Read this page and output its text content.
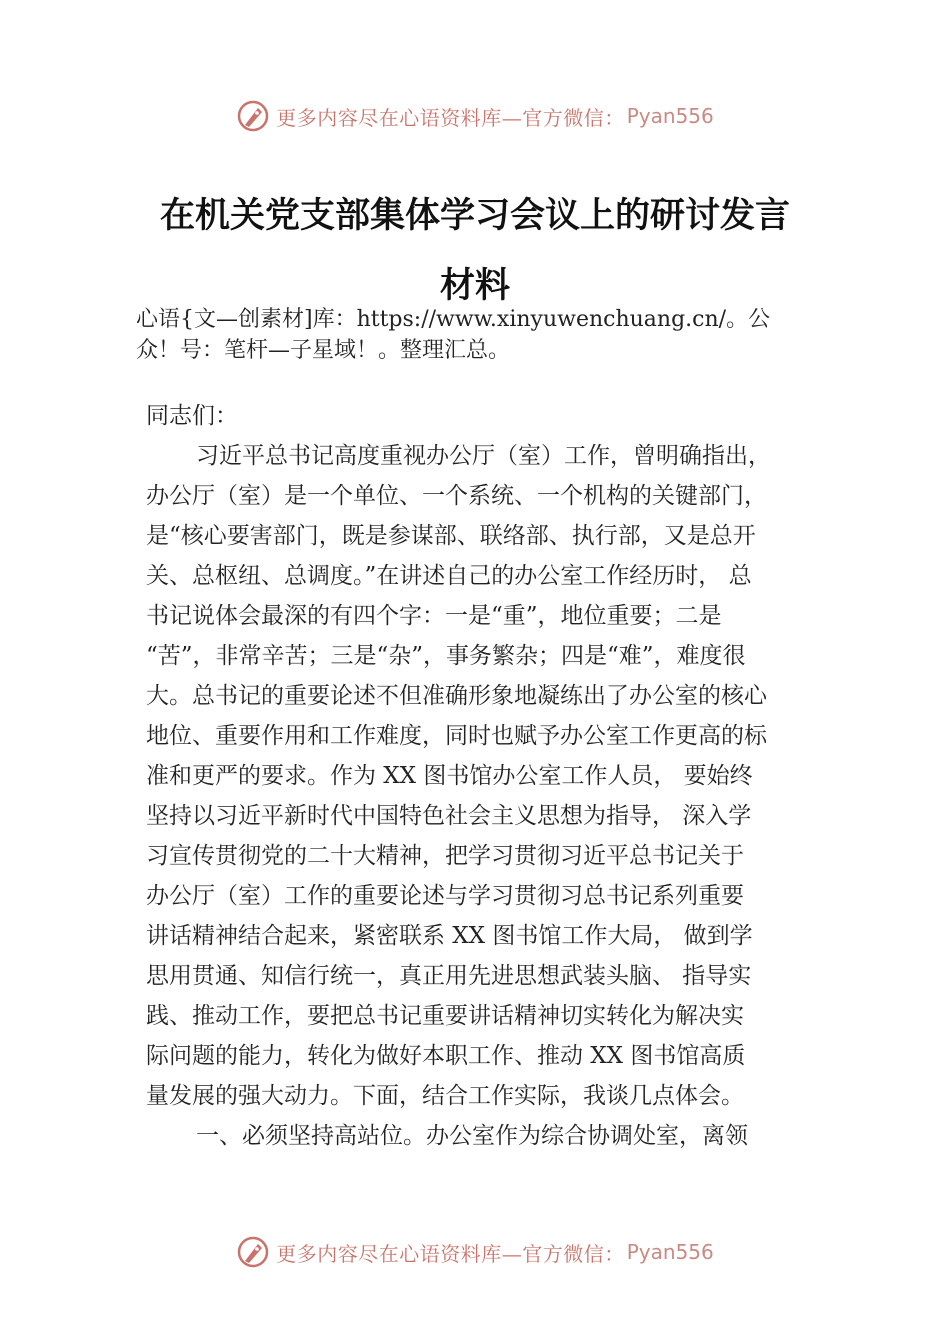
更多内容尽在心语资料库—官方微信： Pyan556
在机关党支部集体学习会议上的研讨发言
材料
心语{文—创素材]库：https://www.xinyuwenchuang.cn/。公
众！号：笔杆—子星域！。整理汇总。
同志们：
习近平总书记高度重视办公厅（室）工作，曾明确指出，
办公厅（室）是一个单位、一个系统、一个机构的关键部门，
是“核心要害部门，既是参谋部、联络部、执行部，又是总开
关、总枢纽、总调度。”在讲述自己的办公室工作经历时， 总
书记说体会最深的有四个字：一是“重”，地位重要；二是
“苦”，非常辛苦；三是“杂”，事务繁杂；四是“难”，难度很
大。总书记的重要论述不但准确形象地凝练出了办公室的核心
地位、重要作用和工作难度，同时也赋予办公室工作更高的标
准和更严的要求。作为 XX 图书馆办公室工作人员， 要始终
坚持以习近平新时代中国特色社会主义思想为指导， 深入学
习宣传贯彻党的二十大精神，把学习贯彻习近平总书记关于
办公厅（室）工作的重要论述与学习贯彻习总书记系列重要
讲话精神结合起来，紧密联系 XX 图书馆工作大局， 做到学
思用贯通、知信行统一，真正用先进思想武装头脑、 指导实
践、推动工作，要把总书记重要讲话精神切实转化为解决实
际问题的能力，转化为做好本职工作、推动 XX 图书馆高质
量发展的强大动力。下面，结合工作实际，我谈几点体会。
一、必须坚持高站位。办公室作为综合协调处室，离领
更多内容尽在心语资料库—官方微信： Pyan556
